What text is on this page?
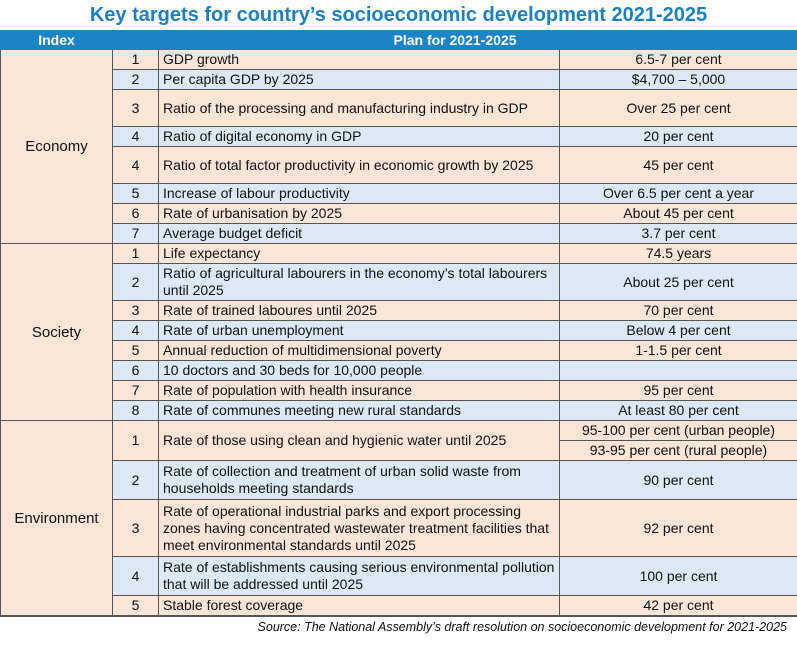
Key targets for country’s socioeconomic development 2021-2025
Index	Plan for 2021-2025		
Economy	1	GDP growth	6.5-7 per cent
	2	Per capita GDP by 2025	$4,700 – 5,000
	3	Ratio of the processing and manufacturing industry in GDP	Over 25 per cent
	4	Ratio of digital economy in GDP	20 per cent
	4	Ratio of total factor productivity in economic growth by 2025	45 per cent
	5	Increase of labour productivity	Over 6.5 per cent a year
	6	Rate of urbanisation by 2025	About 45 per cent
	7	Average budget deficit	3.7 per cent
Society	1	Life expectancy	74.5 years
	2	Ratio of agricultural labourers in the economy’s total labourers until 2025	About 25 per cent
	3	Rate of trained laboures until 2025	70 per cent
	4	Rate of urban unemployment	Below 4 per cent
	5	Annual reduction of multidimensional poverty	1-1.5 per cent
	6	10 doctors and 30 beds for 10,000 people	
	7	Rate of population with health insurance	95 per cent
	8	Rate of communes meeting new rural standards	At least 80 per cent
Environment	1	Rate of those using clean and hygienic water until 2025	95-100 per cent (urban people)
			93-95 per cent (rural people)
	2	Rate of collection and treatment of urban solid waste from households meeting standards	90 per cent
	3	Rate of operational industrial parks and export processing zones having concentrated wastewater treatment facilities that meet environmental standards until 2025	92 per cent
	4	Rate of establishments causing serious environmental pollution that will be addressed until 2025	100 per cent
	5	Stable forest coverage	42 per cent
Source: The National Assembly’s draft resolution on socioeconomic development for 2021-2025
